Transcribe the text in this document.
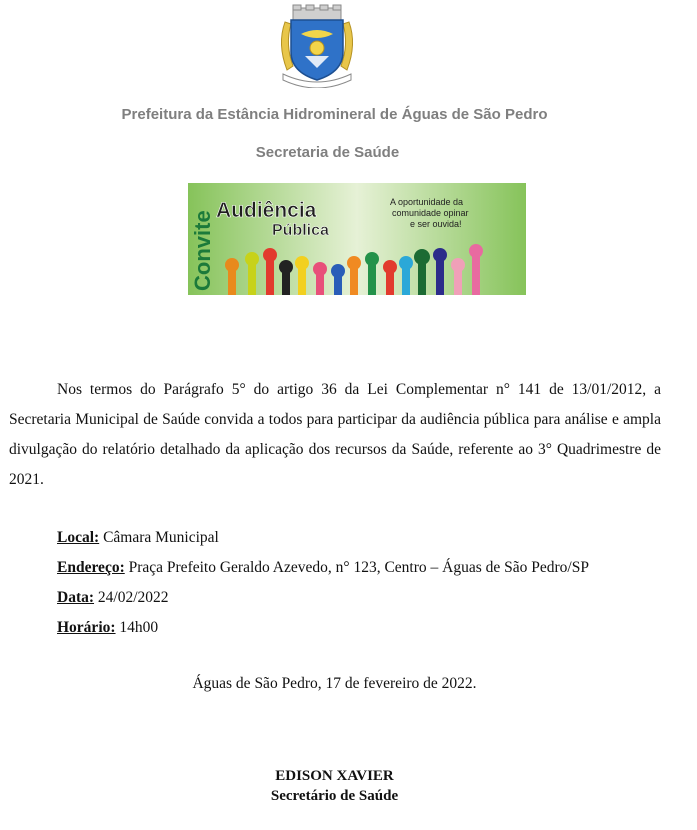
Prefeitura da Estância Hidromineral de Águas de São Pedro
Secretaria de Saúde
Convite Audiência
Pública
A oportunidade da
comunidade opinar
e ser ouvida!
Nos termos do Parágrafo 5° do artigo 36 da Lei Complementar n° 141 de 13/01/2012, a Secretaria Municipal de Saúde convida a todos para participar da audiência pública para análise e ampla divulgação do relatório detalhado da aplicação dos recursos da Saúde, referente ao 3° Quadrimestre de 2021.
Local: Câmara Municipal
Endereço: Praça Prefeito Geraldo Azevedo, n° 123, Centro – Águas de São Pedro/SP
Data: 24/02/2022
Horário: 14h00
Águas de São Pedro, 17 de fevereiro de 2022.
EDISON XAVIER
Secretário de Saúde
